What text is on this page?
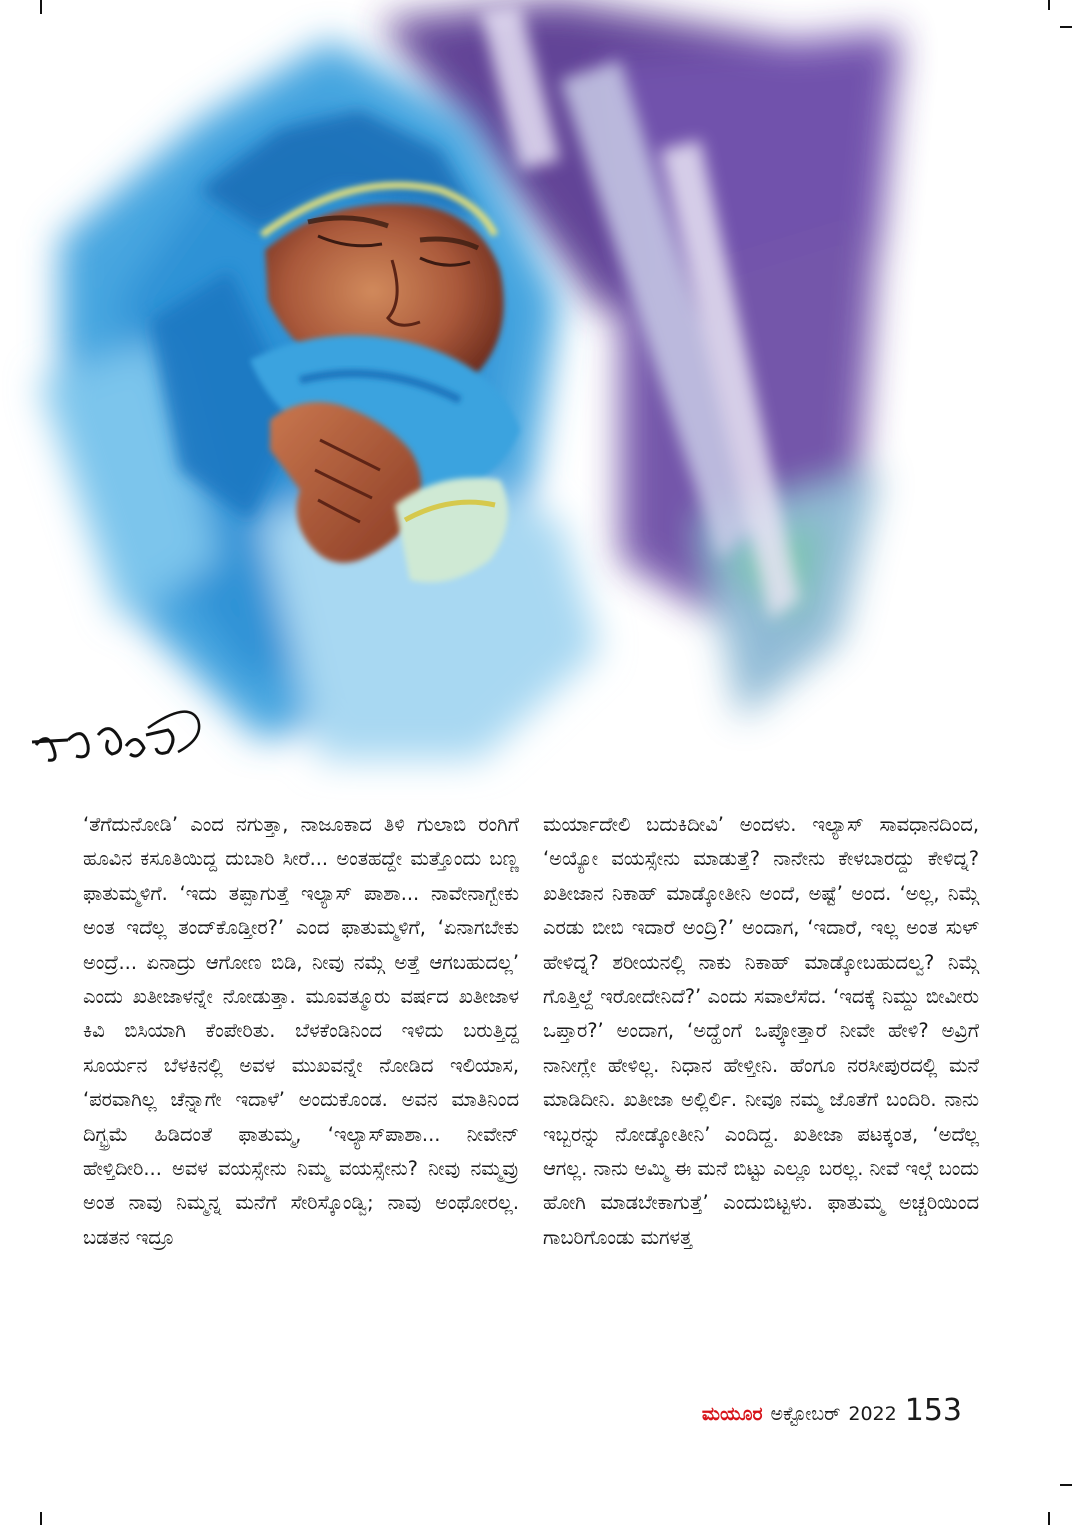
‘ತೆಗೆದುನೋಡಿ’ ಎಂದ ನಗುತ್ತಾ, ನಾಜೂಕಾದ ತಿಳಿ ಗುಲಾಬಿ ರಂಗಿಗೆ ಹೂವಿನ ಕಸೂತಿಯಿದ್ದ ದುಬಾರಿ ಸೀರೆ... ಅಂತಹದ್ದೇ ಮತ್ತೊಂದು ಬಣ್ಣ ಫಾತುಮ್ಮಳಿಗೆ. ‘ಇದು ತಪ್ಪಾಗುತ್ತೆ ಇಲ್ಯಾಸ್ ಪಾಶಾ... ನಾವೇನಾಗ್ಬೇಕು ಅಂತ ಇದೆಲ್ಲ ತಂದ್‌ಕೊಡ್ತೀರ?’ ಎಂದ ಫಾತುಮ್ಮಳಿಗೆ, ‘ಏನಾಗಬೇಕು ಅಂದ್ರೆ... ಏನಾದ್ರು ಆಗೋಣ ಬಿಡಿ, ನೀವು ನಮ್ಗೆ ಅತ್ತೆ ಆಗಬಹುದಲ್ಲ’ ಎಂದು ಖತೀಜಾಳನ್ನೇ ನೋಡುತ್ತಾ. ಮೂವತ್ಮೂರು ವರ್ಷದ ಖತೀಜಾಳ ಕಿವಿ ಬಿಸಿಯಾಗಿ ಕೆಂಪೇರಿತು. ಬೆಳಕೆಂಡಿನಿಂದ ಇಳಿದು ಬರುತ್ತಿದ್ದ ಸೂರ್ಯನ ಬೆಳಕಿನಲ್ಲಿ ಅವಳ ಮುಖವನ್ನೇ ನೋಡಿದ ಇಲಿಯಾಸ, ‘ಪರವಾಗಿಲ್ಲ ಚೆನ್ನಾಗೇ ಇದಾಳೆ’ ಅಂದುಕೊಂಡ. ಅವನ ಮಾತಿನಿಂದ ದಿಗ್ಭ್ರಮೆ ಹಿಡಿದಂತೆ ಫಾತುಮ್ಮ, ‘ಇಲ್ಯಾಸ್‌ಪಾಶಾ... ನೀವೇನ್ ಹೇಳ್ತಿದೀರಿ... ಅವಳ ವಯಸ್ಸೇನು ನಿಮ್ಮ ವಯಸ್ಸೇನು? ನೀವು ನಮ್ಮವ್ರು ಅಂತ ನಾವು ನಿಮ್ಮನ್ನ ಮನೆಗೆ ಸೇರಿಸ್ಕೊಂಡ್ವಿ; ನಾವು ಅಂಥೋರಲ್ಲ. ಬಡತನ ಇದ್ರೂ

ಮರ್ಯಾದೇಲಿ ಬದುಕಿದೀವಿ’ ಅಂದಳು. ಇಲ್ಯಾಸ್ ಸಾವಧಾನದಿಂದ, ‘ಅಯ್ಯೋ ವಯಸ್ಸೇನು ಮಾಡುತ್ತೆ? ನಾನೇನು ಕೇಳಬಾರದ್ದು ಕೇಳಿದ್ನ? ಖತೀಜಾನ ನಿಕಾಹ್ ಮಾಡ್ಕೋತೀನಿ ಅಂದೆ, ಅಷ್ಟೆ’ ಅಂದ. ‘ಅಲ್ಲ, ನಿಮ್ಗೆ ಎರಡು ಬೀಬಿ ಇದಾರೆ ಅಂದ್ರಿ?’ ಅಂದಾಗ, ‘ಇದಾರೆ, ಇಲ್ಲ ಅಂತ ಸುಳ್ ಹೇಳಿದ್ನ? ಶರೀಯನಲ್ಲಿ ನಾಕು ನಿಕಾಹ್ ಮಾಡ್ಕೋಬಹುದಲ್ವ? ನಿಮ್ಗೆ ಗೊತ್ತಿಲ್ದೆ ಇರೋದೇನಿದೆ?’ ಎಂದು ಸವಾಲೆಸೆದ. ‘ಇದಕ್ಕೆ ನಿಮ್ದು ಬೀವೀರು ಒಪ್ತಾರ?’ ಅಂದಾಗ, ‘ಅದ್ಹೆಂಗೆ ಒಪ್ಕೋತ್ತಾರೆ ನೀವೇ ಹೇಳಿ? ಅವ್ರಿಗೆ ನಾನೀಗ್ಲೇ ಹೇಳಿಲ್ಲ. ನಿಧಾನ ಹೇಳ್ತೀನಿ. ಹೆಂಗೂ ನರಸೀಪುರದಲ್ಲಿ ಮನೆ ಮಾಡಿದೀನಿ. ಖತೀಜಾ ಅಲ್ಲಿರ್ಲಿ. ನೀವೂ ನಮ್ಮ ಜೊತೆಗೆ ಬಂದಿರಿ. ನಾನು ಇಬ್ಬರನ್ನು ನೋಡ್ಕೋತೀನಿ’ ಎಂದಿದ್ದ. ಖತೀಜಾ ಪಟಕ್ಕಂತ, ‘ಅದೆಲ್ಲ ಆಗಲ್ಲ. ನಾನು ಅಮ್ಮಿ ಈ ಮನೆ ಬಿಟ್ಟು ಎಲ್ಲೂ ಬರಲ್ಲ. ನೀವೆ ಇಲ್ಗೆ ಬಂದು ಹೋಗಿ ಮಾಡಬೇಕಾಗುತ್ತೆ’ ಎಂದುಬಿಟ್ಟಳು. ಫಾತುಮ್ಮ ಅಚ್ಚರಿಯಿಂದ ಗಾಬರಿಗೊಂಡು ಮಗಳತ್ತ

ಮಯೂರ ಅಕ್ಟೋಬರ್ 2022 153
